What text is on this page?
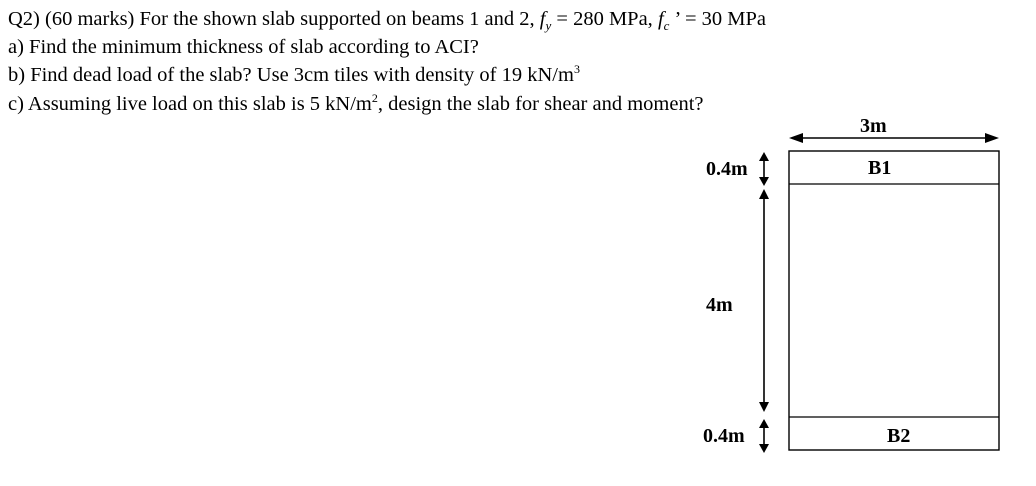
Q2) (60 marks) For the shown slab supported on beams 1 and 2, $f_y = 280$ MPa, $f_c$ ’ = 30 MPa
a) Find the minimum thickness of slab according to ACI?
b) Find dead load of the slab? Use 3cm tiles with density of 19 $kN/m^3$
c) Assuming live load on this slab is 5 $kN/m^2$, design the slab for shear and moment?
3m
B1
B2
0.4m
4m
0.4m
